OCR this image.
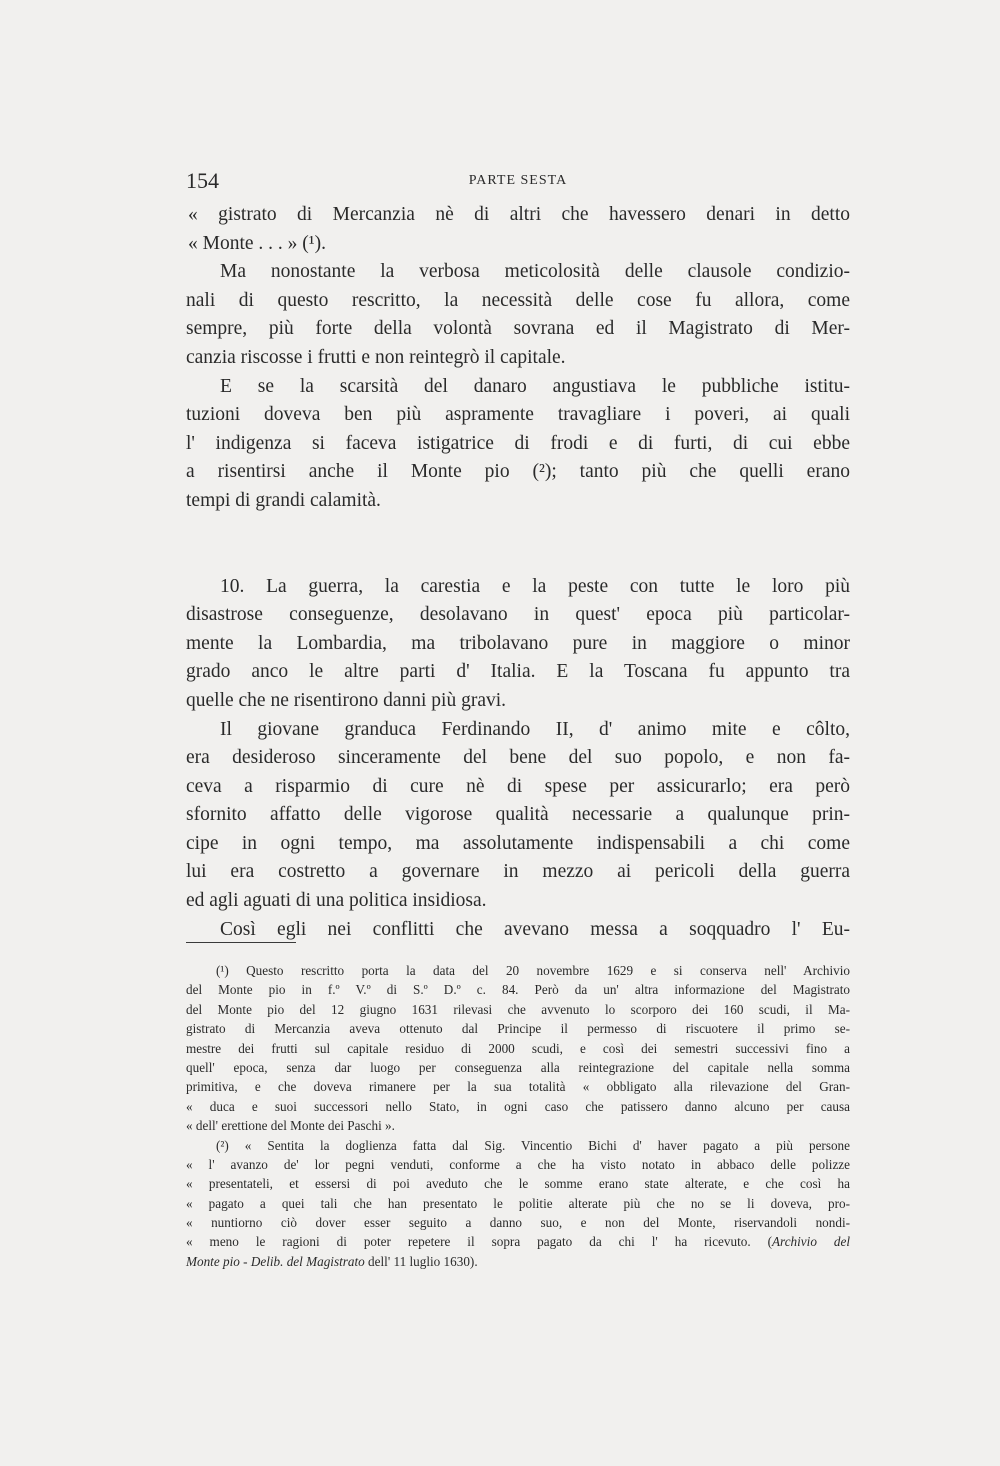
154	PARTE SESTA
« gistrato di Mercanzia nè di altri che havessero denari in detto
« Monte . . . » (¹).
Ma nonostante la verbosa meticolosità delle clausole condizio-
nali di questo rescritto, la necessità delle cose fu allora, come
sempre, più forte della volontà sovrana ed il Magistrato di Mer-
canzia riscosse i frutti e non reintegrò il capitale.
E se la scarsità del danaro angustiava le pubbliche istitu-
tuzioni doveva ben più aspramente travagliare i poveri, ai quali
l' indigenza si faceva istigatrice di frodi e di furti, di cui ebbe
a risentirsi anche il Monte pio (²); tanto più che quelli erano
tempi di grandi calamità.
10. La guerra, la carestia e la peste con tutte le loro più
disastrose conseguenze, desolavano in quest' epoca più particolar-
mente la Lombardia, ma tribolavano pure in maggiore o minor
grado anco le altre parti d' Italia. E la Toscana fu appunto tra
quelle che ne risentirono danni più gravi.
Il giovane granduca Ferdinando II, d' animo mite e côlto,
era desideroso sinceramente del bene del suo popolo, e non fa-
ceva a risparmio di cure nè di spese per assicurarlo; era però
sfornito affatto delle vigorose qualità necessarie a qualunque prin-
cipe in ogni tempo, ma assolutamente indispensabili a chi come
lui era costretto a governare in mezzo ai pericoli della guerra
ed agli aguati di una politica insidiosa.
Così egli nei conflitti che avevano messa a soqquadro l' Eu-
(¹) Questo rescritto porta la data del 20 novembre 1629 e si conserva nell' Archivio
del Monte pio in f.º V.º di S.º D.º c. 84. Però da un' altra informazione del Magistrato
del Monte pio del 12 giugno 1631 rilevasi che avvenuto lo scorporo dei 160 scudi, il Ma-
gistrato di Mercanzia aveva ottenuto dal Principe il permesso di riscuotere il primo se-
mestre dei frutti sul capitale residuo di 2000 scudi, e così dei semestri successivi fino a
quell' epoca, senza dar luogo per conseguenza alla reintegrazione del capitale nella somma
primitiva, e che doveva rimanere per la sua totalità « obbligato alla rilevazione del Gran-
« duca e suoi successori nello Stato, in ogni caso che patissero danno alcuno per causa
« dell' erettione del Monte dei Paschi ».
(²) « Sentita la doglienza fatta dal Sig. Vincentio Bichi d' haver pagato a più persone
« l' avanzo de' lor pegni venduti, conforme a che ha visto notato in abbaco delle polizze
« presentateli, et essersi di poi aveduto che le somme erano state alterate, e che così ha
« pagato a quei tali che han presentato le politie alterate più che no se li doveva, pro-
« nuntiorno ciò dover esser seguito a danno suo, e non del Monte, riservandoli nondi-
« meno le ragioni di poter repetere il sopra pagato da chi l' ha ricevuto. (Archivio del
Monte pio - Delib. del Magistrato dell' 11 luglio 1630).
